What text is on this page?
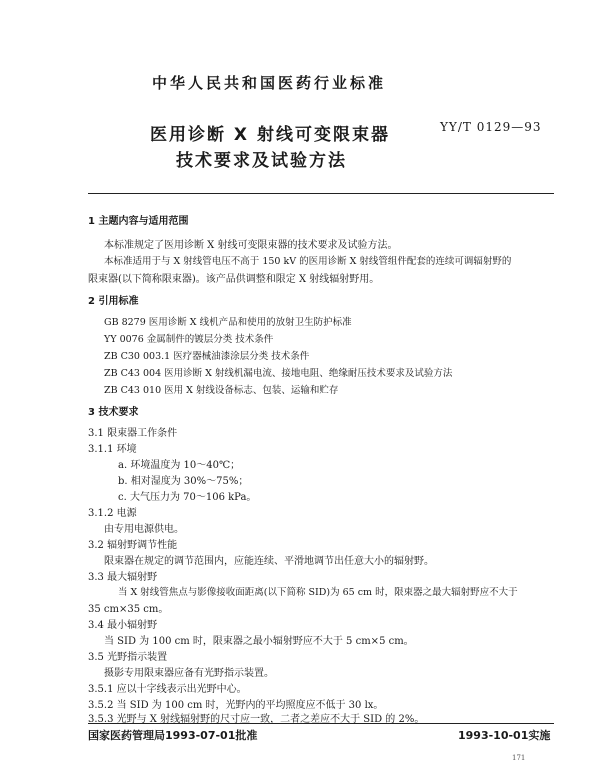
中华人民共和国医药行业标准
YY/T 0129—93
医用诊断 X 射线可变限束器
技术要求及试验方法
1 主题内容与适用范围
本标准规定了医用诊断 X 射线可变限束器的技术要求及试验方法。
本标准适用于与 X 射线管电压不高于 150 kV 的医用诊断 X 射线管组件配套的连续可调辐射野的
限束器(以下简称限束器)。该产品供调整和限定 X 射线辐射野用。
2 引用标准
GB 8279 医用诊断 X 线机产品和使用的放射卫生防护标准
YY 0076 金属制件的镀层分类 技术条件
ZB C30 003.1 医疗器械油漆涂层分类 技术条件
ZB C43 004 医用诊断 X 射线机漏电流、接地电阻、绝缘耐压技术要求及试验方法
ZB C43 010 医用 X 射线设备标志、包装、运输和贮存
3 技术要求
3.1 限束器工作条件
3.1.1 环境
a. 环境温度为 10～40℃；
b. 相对湿度为 30%～75%；
c. 大气压力为 70～106 kPa。
3.1.2 电源
由专用电源供电。
3.2 辐射野调节性能
限束器在规定的调节范围内，应能连续、平滑地调节出任意大小的辐射野。
3.3 最大辐射野
当 X 射线管焦点与影像接收面距离(以下简称 SID)为 65 cm 时，限束器之最大辐射野应不大于
35 cm×35 cm。
3.4 最小辐射野
当 SID 为 100 cm 时，限束器之最小辐射野应不大于 5 cm×5 cm。
3.5 光野指示装置
摄影专用限束器应备有光野指示装置。
3.5.1 应以十字线表示出光野中心。
3.5.2 当 SID 为 100 cm 时，光野内的平均照度应不低于 30 lx。
3.5.3 光野与 X 射线辐射野的尺寸应一致，二者之差应不大于 SID 的 2%。
国家医药管理局1993-07-01批准	1993-10-01实施
171
